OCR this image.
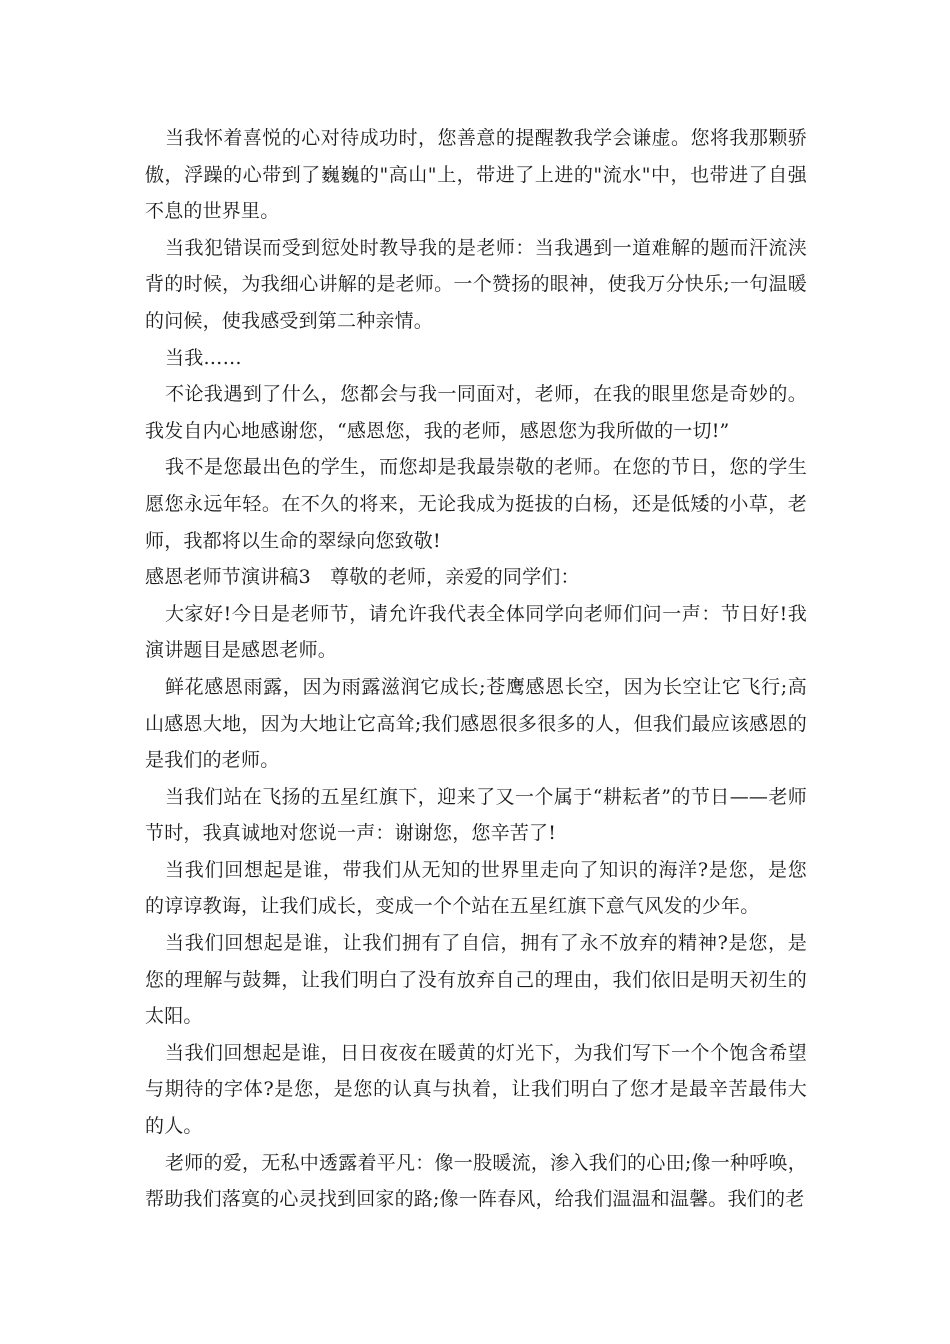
当我怀着喜悦的心对待成功时，您善意的提醒教我学会谦虚。您将我那颗骄傲，浮躁的心带到了巍巍的"高山"上，带进了上进的"流水"中，也带进了自强不息的世界里。

当我犯错误而受到愆处时教导我的是老师：当我遇到一道难解的题而汗流浃背的时候，为我细心讲解的是老师。一个赞扬的眼神，使我万分快乐;一句温暖的问候，使我感受到第二种亲情。

当我……

不论我遇到了什么，您都会与我一同面对，老师，在我的眼里您是奇妙的。我发自内心地感谢您，“感恩您，我的老师，感恩您为我所做的一切!”

我不是您最出色的学生，而您却是我最崇敬的老师。在您的节日，您的学生愿您永远年轻。在不久的将来，无论我成为挺拔的白杨，还是低矮的小草，老师，我都将以生命的翠绿向您致敬!

感恩老师节演讲稿3　尊敬的老师，亲爱的同学们：

大家好!今日是老师节，请允许我代表全体同学向老师们问一声：节日好!我演讲题目是感恩老师。

鲜花感恩雨露，因为雨露滋润它成长;苍鹰感恩长空，因为长空让它飞行;高山感恩大地，因为大地让它高耸;我们感恩很多很多的人，但我们最应该感恩的是我们的老师。

当我们站在飞扬的五星红旗下，迎来了又一个属于“耕耘者”的节日——老师节时，我真诚地对您说一声：谢谢您，您辛苦了!

当我们回想起是谁，带我们从无知的世界里走向了知识的海洋?是您，是您的谆谆教诲，让我们成长，变成一个个站在五星红旗下意气风发的少年。

当我们回想起是谁，让我们拥有了自信，拥有了永不放弃的精神?是您，是您的理解与鼓舞，让我们明白了没有放弃自己的理由，我们依旧是明天初生的太阳。

当我们回想起是谁，日日夜夜在暖黄的灯光下，为我们写下一个个饱含希望与期待的字体?是您，是您的认真与执着，让我们明白了您才是最辛苦最伟大的人。

老师的爱，无私中透露着平凡：像一股暖流，渗入我们的心田;像一种呼唤，帮助我们落寞的心灵找到回家的路;像一阵春风，给我们温温和温馨。我们的老
